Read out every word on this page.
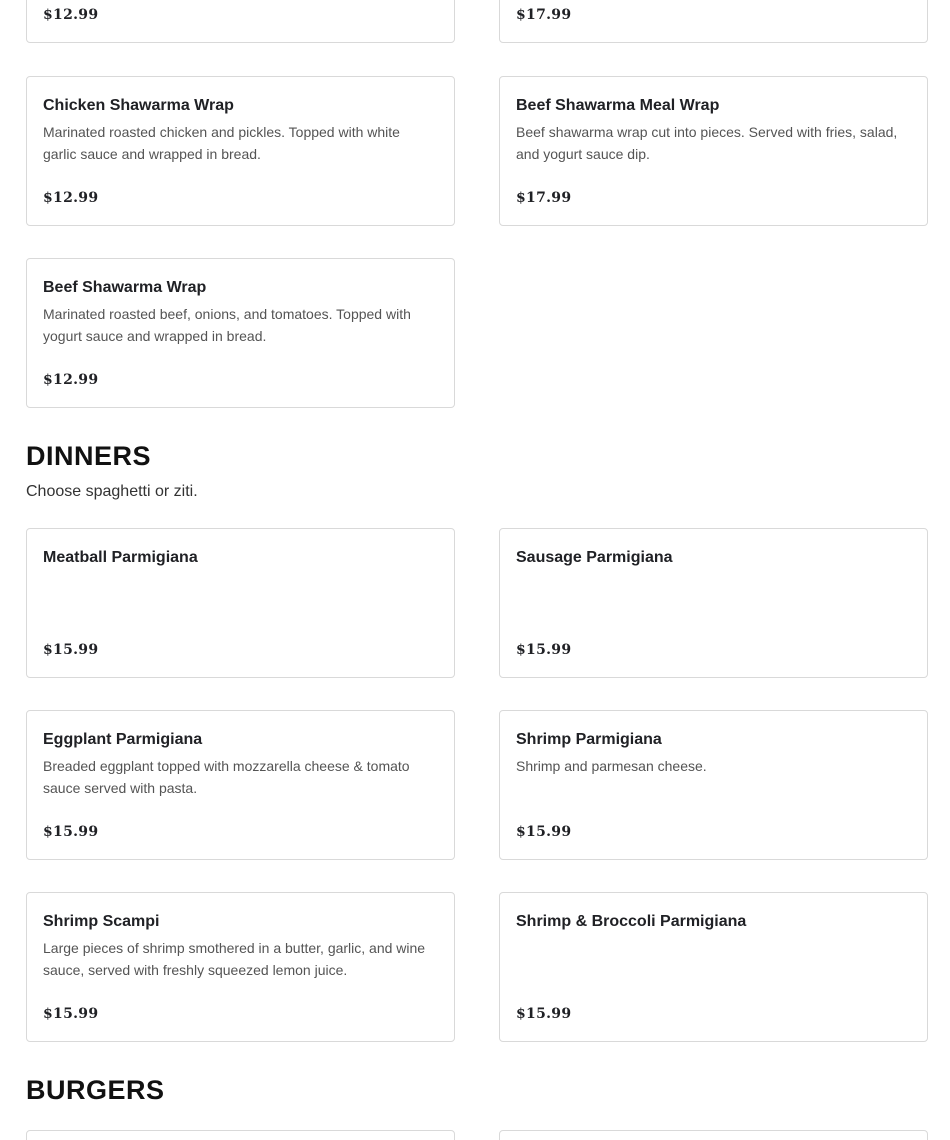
$12.99	$17.99
Chicken Shawarma Wrap
Marinated roasted chicken and pickles. Topped with white garlic sauce and wrapped in bread.
$12.99
Beef Shawarma Meal Wrap
Beef shawarma wrap cut into pieces. Served with fries, salad, and yogurt sauce dip.
$17.99
Beef Shawarma Wrap
Marinated roasted beef, onions, and tomatoes. Topped with yogurt sauce and wrapped in bread.
$12.99
DINNERS
Choose spaghetti or ziti.
Meatball Parmigiana
$15.99
Sausage Parmigiana
$15.99
Eggplant Parmigiana
Breaded eggplant topped with mozzarella cheese & tomato sauce served with pasta.
$15.99
Shrimp Parmigiana
Shrimp and parmesan cheese.
$15.99
Shrimp Scampi
Large pieces of shrimp smothered in a butter, garlic, and wine sauce, served with freshly squeezed lemon juice.
$15.99
Shrimp & Broccoli Parmigiana
$15.99
BURGERS
